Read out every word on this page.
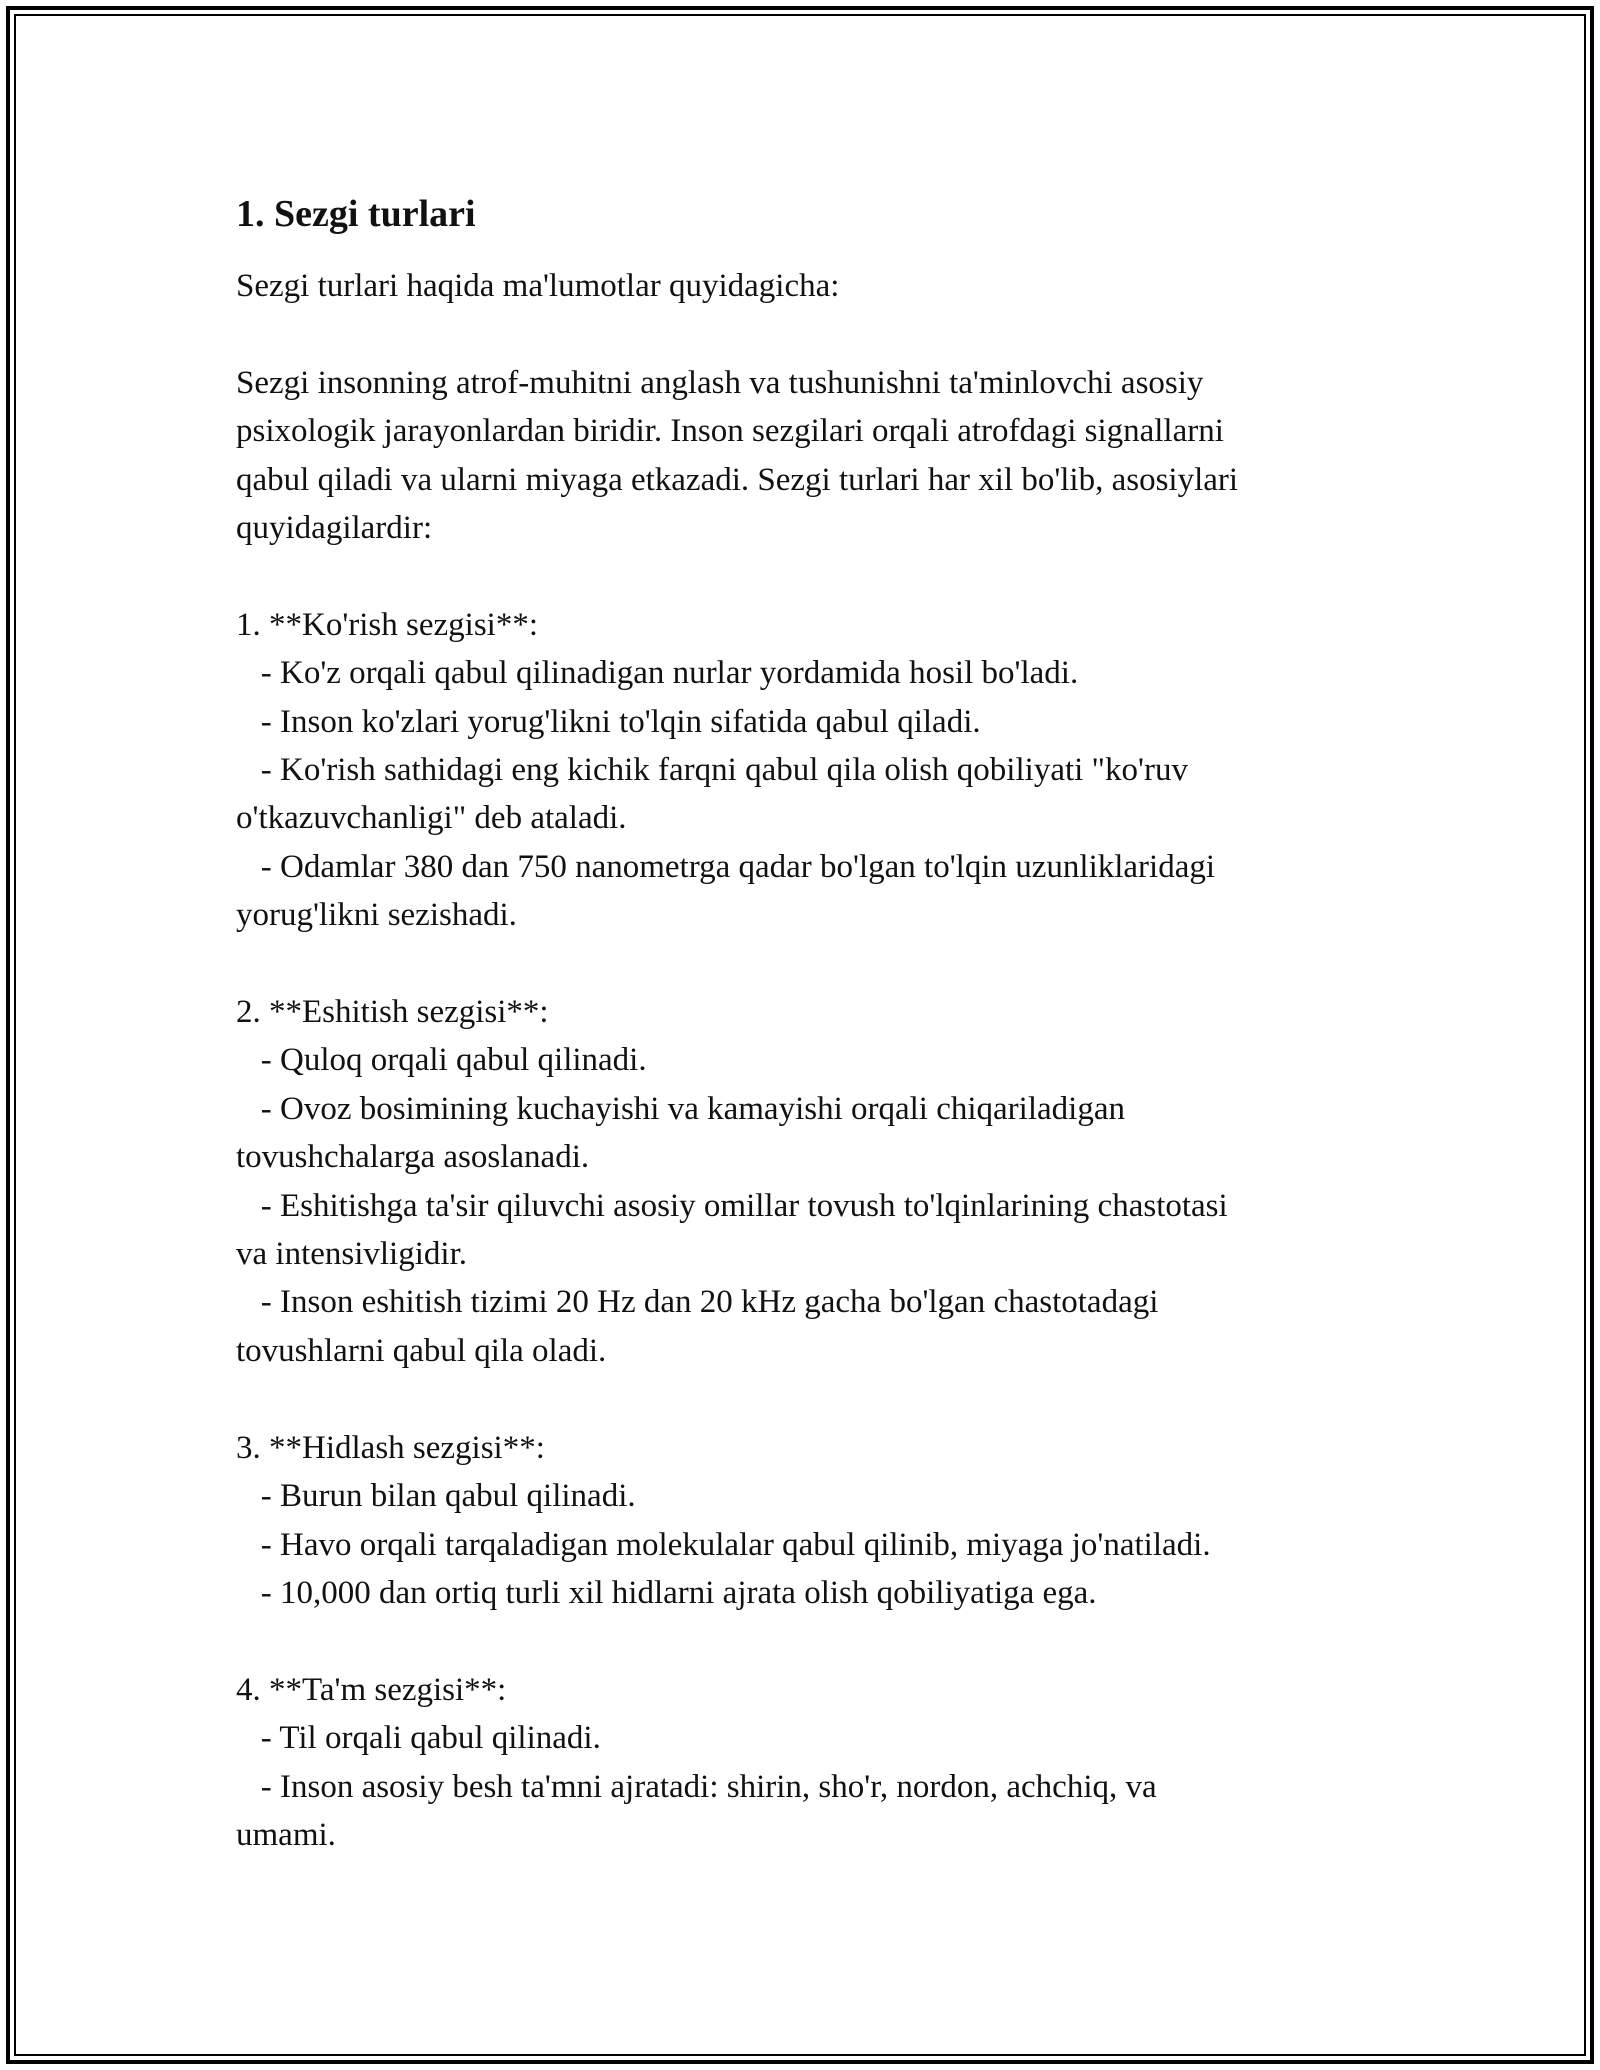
1. Sezgi turlari

Sezgi turlari haqida ma'lumotlar quyidagicha:

Sezgi insonning atrof-muhitni anglash va tushunishni ta'minlovchi asosiy

psixologik jarayonlardan biridir. Inson sezgilari orqali atrofdagi signallarni

qabul qiladi va ularni miyaga etkazadi. Sezgi turlari har xil bo'lib, asosiylari

quyidagilardir:

1. **Ko'rish sezgisi**:

- Ko'z orqali qabul qilinadigan nurlar yordamida hosil bo'ladi.

- Inson ko'zlari yorug'likni to'lqin sifatida qabul qiladi.

- Ko'rish sathidagi eng kichik farqni qabul qila olish qobiliyati "ko'ruv

o'tkazuvchanligi" deb ataladi.

- Odamlar 380 dan 750 nanometrga qadar bo'lgan to'lqin uzunliklaridagi

yorug'likni sezishadi.

2. **Eshitish sezgisi**:

- Quloq orqali qabul qilinadi.

- Ovoz bosimining kuchayishi va kamayishi orqali chiqariladigan

tovushchalarga asoslanadi.

- Eshitishga ta'sir qiluvchi asosiy omillar tovush to'lqinlarining chastotasi

va intensivligidir.

- Inson eshitish tizimi 20 Hz dan 20 kHz gacha bo'lgan chastotadagi

tovushlarni qabul qila oladi.

3. **Hidlash sezgisi**:

- Burun bilan qabul qilinadi.

- Havo orqali tarqaladigan molekulalar qabul qilinib, miyaga jo'natiladi.

- 10,000 dan ortiq turli xil hidlarni ajrata olish qobiliyatiga ega.

4. **Ta'm sezgisi**:

- Til orqali qabul qilinadi.

- Inson asosiy besh ta'mni ajratadi: shirin, sho'r, nordon, achchiq, va

umami.
